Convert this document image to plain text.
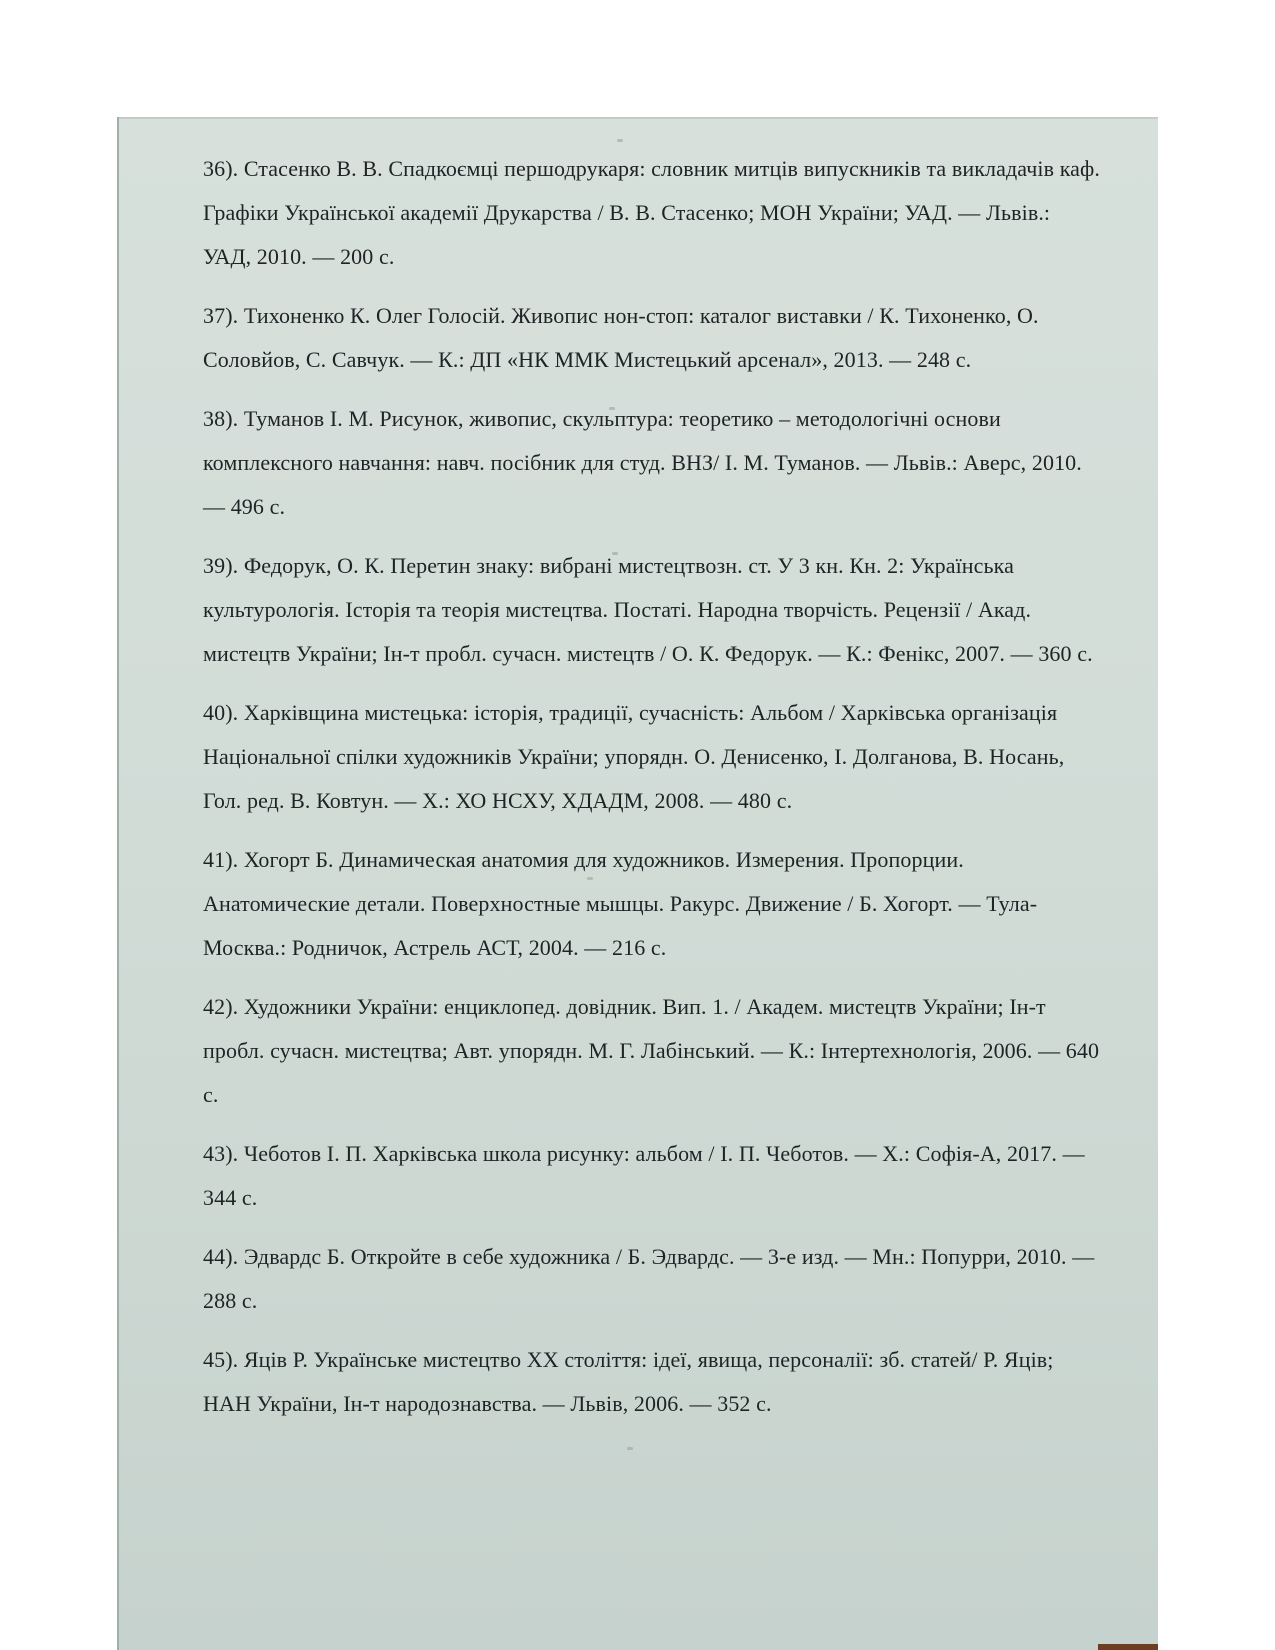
36). Стасенко В. В. Спадкоємці першодрукаря: словник митців випускників та викладачів каф. Графіки Української академії Друкарства / В. В. Стасенко; МОН України; УАД. — Львів.: УАД, 2010. — 200 с.

37). Тихоненко К. Олег Голосій. Живопис нон-стоп: каталог виставки / К. Тихоненко, О. Соловйов, С. Савчук. — К.: ДП «НК ММК Мистецький арсенал», 2013. — 248 с.

38). Туманов І. М. Рисунок, живопис, скульптура: теоретико – методологічні основи комплексного навчання: навч. посібник для студ. ВНЗ/ І. М. Туманов. — Львів.: Аверс, 2010. — 496 с.

39). Федорук, О. К. Перетин знаку: вибрані мистецтвозн. ст. У 3 кн. Кн. 2: Українська культурологія. Історія та теорія мистецтва. Постаті. Народна творчість. Рецензії / Акад. мистецтв України; Ін-т пробл. сучасн. мистецтв / О. К. Федорук. — К.: Фенікс, 2007. — 360 с.

40). Харківщина мистецька: історія, традиції, сучасність: Альбом / Харківська організація Національної спілки художників України; упорядн. О. Денисенко, І. Долганова, В. Носань, Гол. ред. В. Ковтун. — Х.: ХО НСХУ, ХДАДМ, 2008. — 480 с.

41). Хогорт Б. Динамическая анатомия для художников. Измерения. Пропорции. Анатомические детали. Поверхностные мышцы. Ракурс. Движение / Б. Хогорт. — Тула-Москва.: Родничок, Астрель АСТ, 2004. — 216 с.

42). Художники України: енциклопед. довідник. Вип. 1. / Академ. мистецтв України; Ін-т пробл. сучасн. мистецтва; Авт. упорядн. М. Г. Лабінський. — К.: Інтертехнологія, 2006. — 640 с.

43). Чеботов І. П. Харківська школа рисунку: альбом / І. П. Чеботов. — Х.: Софія-А, 2017. — 344 с.

44). Эдвардс Б. Откройте в себе художника / Б. Эдвардс. — 3-е изд. — Мн.: Попурри, 2010. — 288 с.

45). Яців Р. Українське мистецтво XX століття: ідеї, явища, персоналії: зб. статей/ Р. Яців; НАН України, Ін-т народознавства. — Львів, 2006. — 352 с.
